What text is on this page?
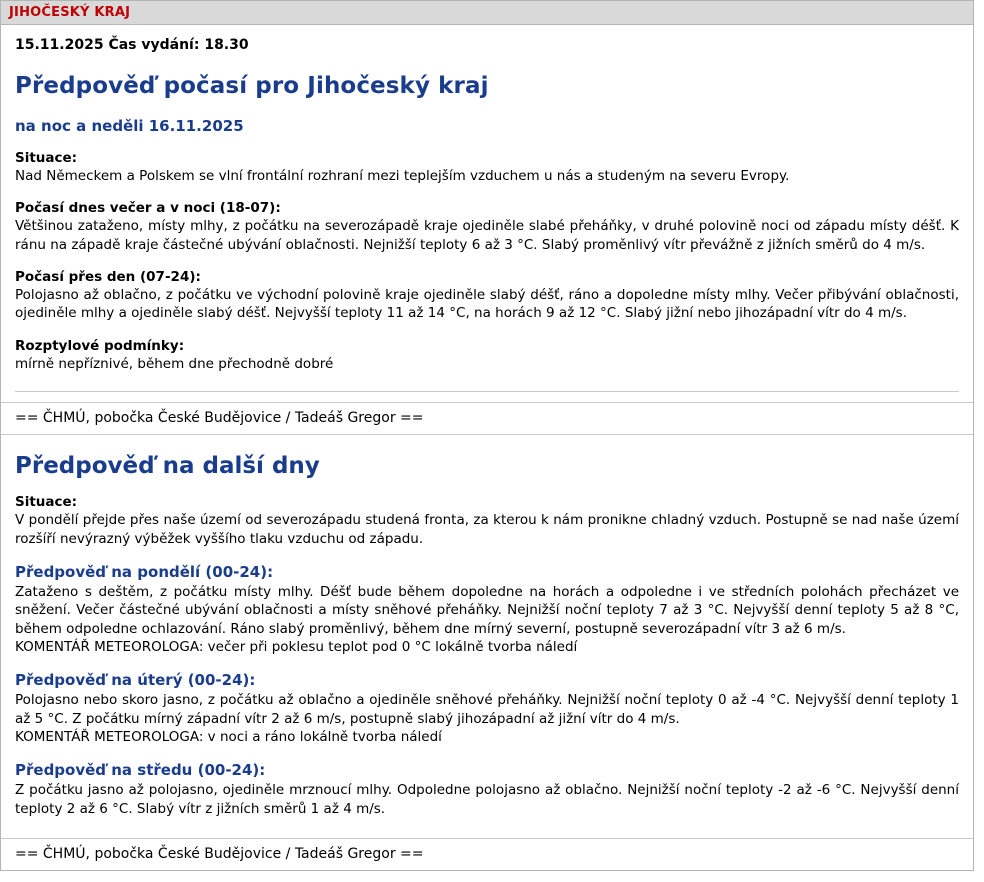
JIHOČESKÝ KRAJ
15.11.2025 Čas vydání: 18.30
Předpověď počasí pro Jihočeský kraj
na noc a neděli 16.11.2025
Situace:

Nad Německem a Polskem se vlní frontální rozhraní mezi teplejším vzduchem u nás a studeným na severu Evropy.

Počasí dnes večer a v noci (18-07):

Většinou zataženo, místy mlhy, z počátku na severozápadě kraje ojediněle slabé přeháňky, v druhé polovině noci od západu místy déšť. K ránu na západě kraje částečné ubývání oblačnosti. Nejnižší teploty 6 až 3 °C. Slabý proměnlivý vítr převážně z jižních směrů do 4 m/s.

Počasí přes den (07-24):

Polojasno až oblačno, z počátku ve východní polovině kraje ojediněle slabý déšť, ráno a dopoledne místy mlhy. Večer přibývání oblačnosti, ojediněle mlhy a ojediněle slabý déšť. Nejvyšší teploty 11 až 14 °C, na horách 9 až 12 °C. Slabý jižní nebo jihozápadní vítr do 4 m/s.

Rozptylové podmínky:

mírně nepříznivé, během dne přechodně dobré

== ČHMÚ, pobočka České Budějovice / Tadeáš Gregor ==
Předpověď na další dny
Situace:

V pondělí přejde přes naše území od severozápadu studená fronta, za kterou k nám pronikne chladný vzduch. Postupně se nad naše území rozšíří nevýrazný výběžek vyššího tlaku vzduchu od západu.

Předpověď na pondělí (00-24):

Zataženo s deštěm, z počátku místy mlhy. Déšť bude během dopoledne na horách a odpoledne i ve středních polohách přecházet ve sněžení. Večer částečné ubývání oblačnosti a místy sněhové přeháňky. Nejnižší noční teploty 7 až 3 °C. Nejvyšší denní teploty 5 až 8 °C, během odpoledne ochlazování. Ráno slabý proměnlivý, během dne mírný severní, postupně severozápadní vítr 3 až 6 m/s.

KOMENTÁŘ METEOROLOGA: večer při poklesu teplot pod 0 °C lokálně tvorba náledí

Předpověď na úterý (00-24):

Polojasno nebo skoro jasno, z počátku až oblačno a ojediněle sněhové přeháňky. Nejnižší noční teploty 0 až -4 °C. Nejvyšší denní teploty 1 až 5 °C. Z počátku mírný západní vítr 2 až 6 m/s, postupně slabý jihozápadní až jižní vítr do 4 m/s.

KOMENTÁŘ METEOROLOGA: v noci a ráno lokálně tvorba náledí

Předpověď na středu (00-24):

Z počátku jasno až polojasno, ojediněle mrznoucí mlhy. Odpoledne polojasno až oblačno. Nejnižší noční teploty -2 až -6 °C. Nejvyšší denní teploty 2 až 6 °C. Slabý vítr z jižních směrů 1 až 4 m/s.

== ČHMÚ, pobočka České Budějovice / Tadeáš Gregor ==
